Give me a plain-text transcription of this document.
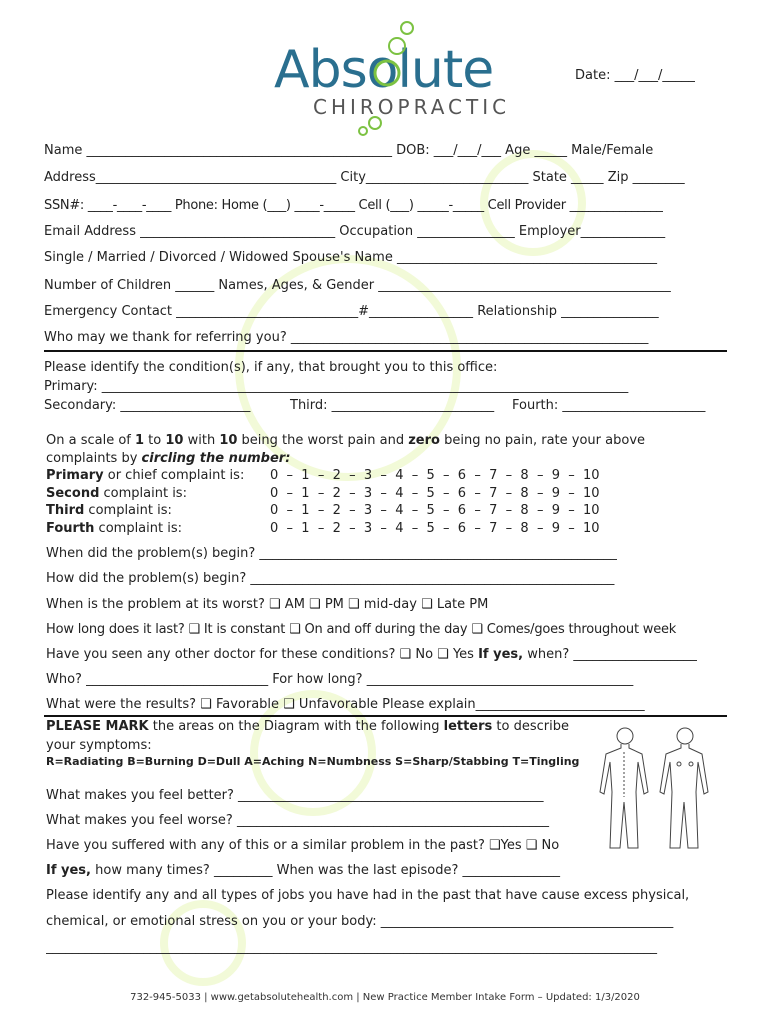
Absolute
CHIROPRACTIC
Date: ___/___/_____
Name _______________________________________________ DOB: ___/___/___ Age _____ Male/Female
Address_____________________________________ City_________________________ State _____ Zip ________
SSN#: ____-____-____ Phone: Home (___) ____-_____ Cell (___) _____-_____ Cell Provider _______________
Email Address ______________________________ Occupation _______________ Employer_____________
Single / Married / Divorced / Widowed Spouse's Name ________________________________________
Number of Children ______ Names, Ages, & Gender _____________________________________________
Emergency Contact ____________________________#________________ Relationship _______________
Who may we thank for referring you? _______________________________________________________
Please identify the condition(s), if any, that brought you to this office:
Primary: _________________________________________________________________________________
Secondary: ____________________	Third: _________________________ Fourth: ______________________
On a scale of 1 to 10 with 10 being the worst pain and zero being no pain, rate your above
complaints by circling the number:
Primary or chief complaint is:
Second complaint is:
Third complaint is:
Fourth complaint is:
0  –  1  –  2  –  3  –  4  –  5  –  6  –  7  –  8  –  9  –  10
0  –  1  –  2  –  3  –  4  –  5  –  6  –  7  –  8  –  9  –  10
0  –  1  –  2  –  3  –  4  –  5  –  6  –  7  –  8  –  9  –  10
0  –  1  –  2  –  3  –  4  –  5  –  6  –  7  –  8  –  9  –  10
When did the problem(s) begin? _______________________________________________________
How did the problem(s) begin? ________________________________________________________
When is the problem at its worst? ❑ AM ❑ PM ❑ mid-day ❑ Late PM
How long does it last? ❑ It is constant ❑ On and off during the day ❑ Comes/goes throughout week
Have you seen any other doctor for these conditions? ❑ No ❑ Yes If yes, when? ___________________
Who? ____________________________ For how long? _________________________________________
What were the results? ❑ Favorable ❑ Unfavorable Please explain__________________________
PLEASE MARK the areas on the Diagram with the following letters to describe
your symptoms:
R=Radiating B=Burning D=Dull A=Aching N=Numbness S=Sharp/Stabbing T=Tingling
What makes you feel better? _______________________________________________
What makes you feel worse? ________________________________________________
Have you suffered with any of this or a similar problem in the past? ❑Yes ❑ No
If yes, how many times? _________ When was the last episode? _______________
Please identify any and all types of jobs you have had in the past that have cause excess physical,
chemical, or emotional stress on you or your body: _____________________________________________
______________________________________________________________________________________________
732-945-5033 | www.getabsolutehealth.com | New Practice Member Intake Form – Updated: 1/3/2020
